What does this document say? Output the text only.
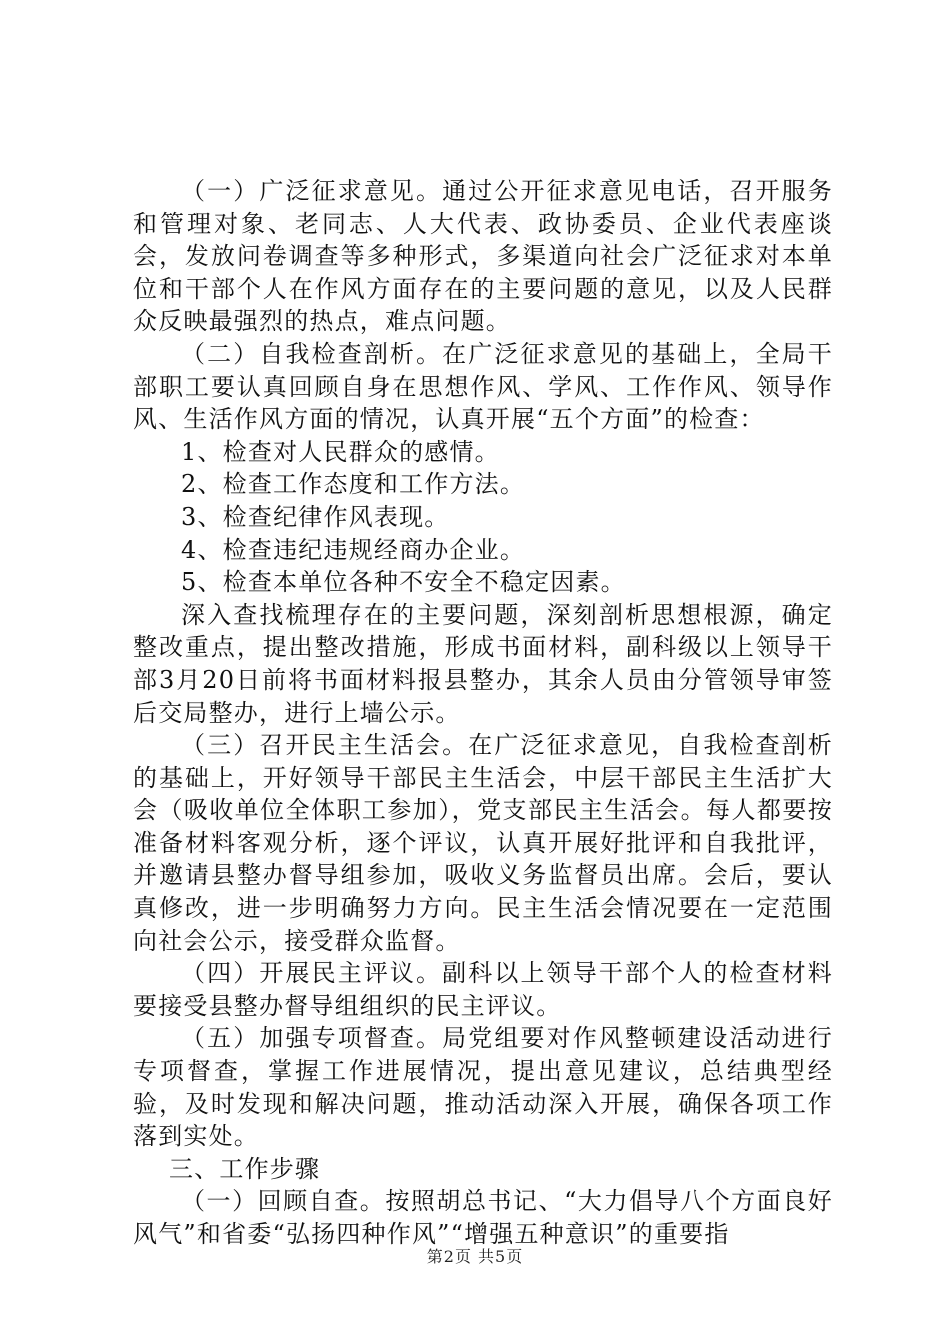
（一）广泛征求意见。通过公开征求意见电话，召开服务和管理对象、老同志、人大代表、政协委员、企业代表座谈会，发放问卷调查等多种形式，多渠道向社会广泛征求对本单位和干部个人在作风方面存在的主要问题的意见，以及人民群众反映最强烈的热点，难点问题。

（二）自我检查剖析。在广泛征求意见的基础上，全局干部职工要认真回顾自身在思想作风、学风、工作作风、领导作风、生活作风方面的情况，认真开展“五个方面”的检查：

1、检查对人民群众的感情。

2、检查工作态度和工作方法。

3、检查纪律作风表现。

4、检查违纪违规经商办企业。

5、检查本单位各种不安全不稳定因素。

深入查找梳理存在的主要问题，深刻剖析思想根源，确定整改重点，提出整改措施，形成书面材料，副科级以上领导干部3月20日前将书面材料报县整办，其余人员由分管领导审签后交局整办，进行上墙公示。

（三）召开民主生活会。在广泛征求意见，自我检查剖析的基础上，开好领导干部民主生活会，中层干部民主生活扩大会（吸收单位全体职工参加），党支部民主生活会。每人都要按准备材料客观分析，逐个评议，认真开展好批评和自我批评，并邀请县整办督导组参加，吸收义务监督员出席。会后，要认真修改，进一步明确努力方向。民主生活会情况要在一定范围向社会公示，接受群众监督。

（四）开展民主评议。副科以上领导干部个人的检查材料要接受县整办督导组组织的民主评议。

（五）加强专项督查。局党组要对作风整顿建设活动进行专项督查，掌握工作进展情况，提出意见建议，总结典型经验，及时发现和解决问题，推动活动深入开展，确保各项工作落到实处。

三、工作步骤

（一）回顾自查。按照胡总书记、“大力倡导八个方面良好风气”和省委“弘扬四种作风”“增强五种意识”的重要指

第2页 共5页
